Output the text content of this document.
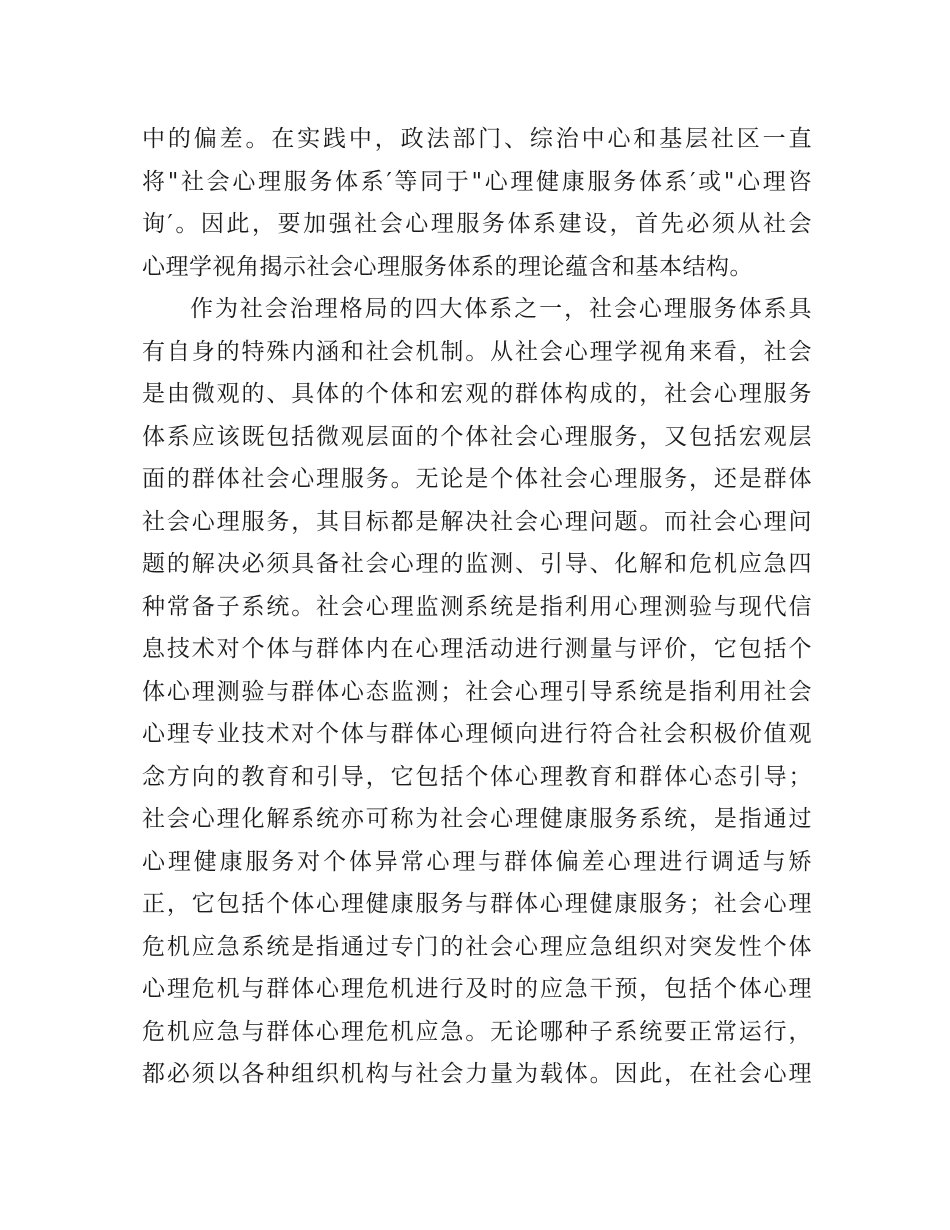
中的偏差。在实践中，政法部门、综治中心和基层社区一直
将"社会心理服务体系′等同于"心理健康服务体系′或"心理咨
询′。因此，要加强社会心理服务体系建设，首先必须从社会
心理学视角揭示社会心理服务体系的理论蕴含和基本结构。
作为社会治理格局的四大体系之一，社会心理服务体系具
有自身的特殊内涵和社会机制。从社会心理学视角来看，社会
是由微观的、具体的个体和宏观的群体构成的，社会心理服务
体系应该既包括微观层面的个体社会心理服务，又包括宏观层
面的群体社会心理服务。无论是个体社会心理服务，还是群体
社会心理服务，其目标都是解决社会心理问题。而社会心理问
题的解决必须具备社会心理的监测、引导、化解和危机应急四
种常备子系统。社会心理监测系统是指利用心理测验与现代信
息技术对个体与群体内在心理活动进行测量与评价，它包括个
体心理测验与群体心态监测；社会心理引导系统是指利用社会
心理专业技术对个体与群体心理倾向进行符合社会积极价值观
念方向的教育和引导，它包括个体心理教育和群体心态引导；
社会心理化解系统亦可称为社会心理健康服务系统，是指通过
心理健康服务对个体异常心理与群体偏差心理进行调适与矫
正，它包括个体心理健康服务与群体心理健康服务；社会心理
危机应急系统是指通过专门的社会心理应急组织对突发性个体
心理危机与群体心理危机进行及时的应急干预，包括个体心理
危机应急与群体心理危机应急。无论哪种子系统要正常运行，
都必须以各种组织机构与社会力量为载体。因此，在社会心理
